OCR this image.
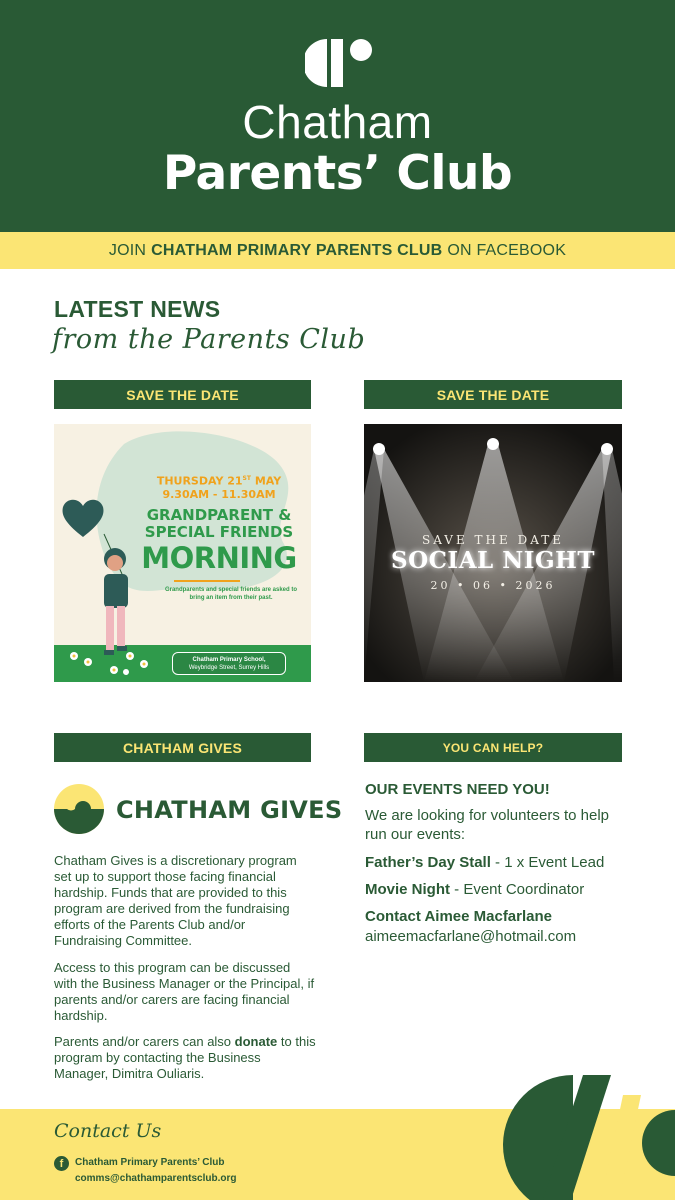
Chatham
Parents’ Club
JOIN CHATHAM PRIMARY PARENTS CLUB ON FACEBOOK
LATEST NEWS
from the Parents Club
SAVE THE DATE	SAVE THE DATE
THURSDAY 21ST MAY
9.30AM - 11.30AM
GRANDPARENT &
SPECIAL FRIENDS
MORNING
Grandparents and special friends are asked to bring an item from their past.
Chatham Primary School,
Weybridge Street, Surrey Hills
SAVE THE DATE
SOCIAL NIGHT
20 • 06 • 2026
CHATHAM GIVES	YOU CAN HELP?
CHATHAM GIVES
Chatham Gives is a discretionary program set up to support those facing financial hardship. Funds that are provided to this program are derived from the fundraising efforts of the Parents Club and/or Fundraising Committee.
Access to this program can be discussed with the Business Manager or the Principal, if parents and/or carers are facing financial hardship.
Parents and/or carers can also donate to this program by contacting the Business Manager, Dimitra Ouliaris.
OUR EVENTS NEED YOU!
We are looking for volunteers to help run our events:
Father’s Day Stall - 1 x Event Lead
Movie Night - Event Coordinator
Contact Aimee Macfarlane
aimeemacfarlane@hotmail.com
Contact Us
f	Chatham Primary Parents’ Club
comms@chathamparentsclub.org
